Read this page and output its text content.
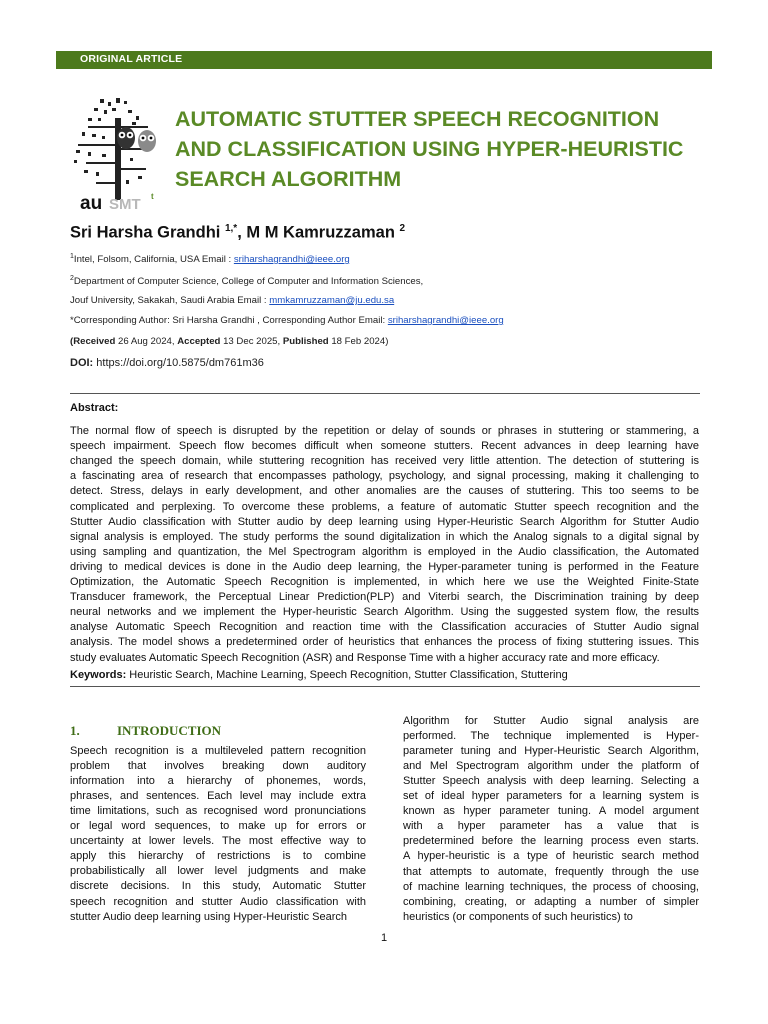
ORIGINAL ARTICLE
au SMT t
AUTOMATIC STUTTER SPEECH RECOGNITION
AND CLASSIFICATION USING HYPER-HEURISTIC
SEARCH ALGORITHM
Sri Harsha Grandhi $^{1,*}$, M M Kamruzzaman $^2$
$^1$Intel, Folsom, California, USA Email : sriharshagrandhi@ieee.org
$^2$Department of Computer Science, College of Computer and Information Sciences,
Jouf University, Sakakah, Saudi Arabia Email : mmkamruzzaman@ju.edu.sa
*Corresponding Author: Sri Harsha Grandhi , Corresponding Author Email: sriharshagrandhi@ieee.org
(Received 26 Aug 2024, Accepted 13 Dec 2025, Published 18 Feb 2024)
DOI: https://doi.org/10.5875/dm761m36
Abstract:
The normal flow of speech is disrupted by the repetition or delay of sounds or phrases in stuttering or stammering, a
speech impairment. Speech flow becomes difficult when someone stutters. Recent advances in deep learning have
changed the speech domain, while stuttering recognition has received very little attention. The detection of stuttering is
a fascinating area of research that encompasses pathology, psychology, and signal processing, making it challenging to
detect. Stress, delays in early development, and other anomalies are the causes of stuttering. This too seems to be
complicated and perplexing. To overcome these problems, a feature of automatic Stutter speech recognition and the
Stutter Audio classification with Stutter audio by deep learning using Hyper-Heuristic Search Algorithm for Stutter Audio
signal analysis is employed. The study performs the sound digitalization in which the Analog signals to a digital signal by
using sampling and quantization, the Mel Spectrogram algorithm is employed in the Audio classification, the Automated
driving to medical devices is done in the Audio deep learning, the Hyper-parameter tuning is performed in the Feature
Optimization, the Automatic Speech Recognition is implemented, in which here we use the Weighted Finite-State
Transducer framework, the Perceptual Linear Prediction(PLP) and Viterbi search, the Discrimination training by deep
neural networks and we implement the Hyper-heuristic Search Algorithm. Using the suggested system flow, the results
analyse Automatic Speech Recognition and reaction time with the Classification accuracies of Stutter Audio signal
analysis. The model shows a predetermined order of heuristics that enhances the process of fixing stuttering issues. This
study evaluates Automatic Speech Recognition (ASR) and Response Time with a higher accuracy rate and more efficacy.
Keywords: Heuristic Search, Machine Learning, Speech Recognition, Stutter Classification, Stuttering
1.	INTRODUCTION
Speech recognition is a multileveled pattern recognition
problem that involves breaking down auditory
information into a hierarchy of phonemes, words,
phrases, and sentences. Each level may include extra
time limitations, such as recognised word pronunciations
or legal word sequences, to make up for errors or
uncertainty at lower levels. The most effective way to
apply this hierarchy of restrictions is to combine
probabilistically all lower level judgments and make
discrete decisions. In this study, Automatic Stutter
speech recognition and stutter Audio classification with
stutter Audio deep learning using Hyper-Heuristic Search
Algorithm for Stutter Audio signal analysis are
performed. The technique implemented is Hyper-
parameter tuning and Hyper-Heuristic Search Algorithm,
and Mel Spectrogram algorithm under the platform of
Stutter Speech analysis with deep learning. Selecting a
set of ideal hyper parameters for a learning system is
known as hyper parameter tuning. A model argument
with a hyper parameter has a value that is
predetermined before the learning process even starts.
A hyper-heuristic is a type of heuristic search method
that attempts to automate, frequently through the use
of machine learning techniques, the process of choosing,
combining, creating, or adapting a number of simpler
heuristics (or components of such heuristics) to
1
